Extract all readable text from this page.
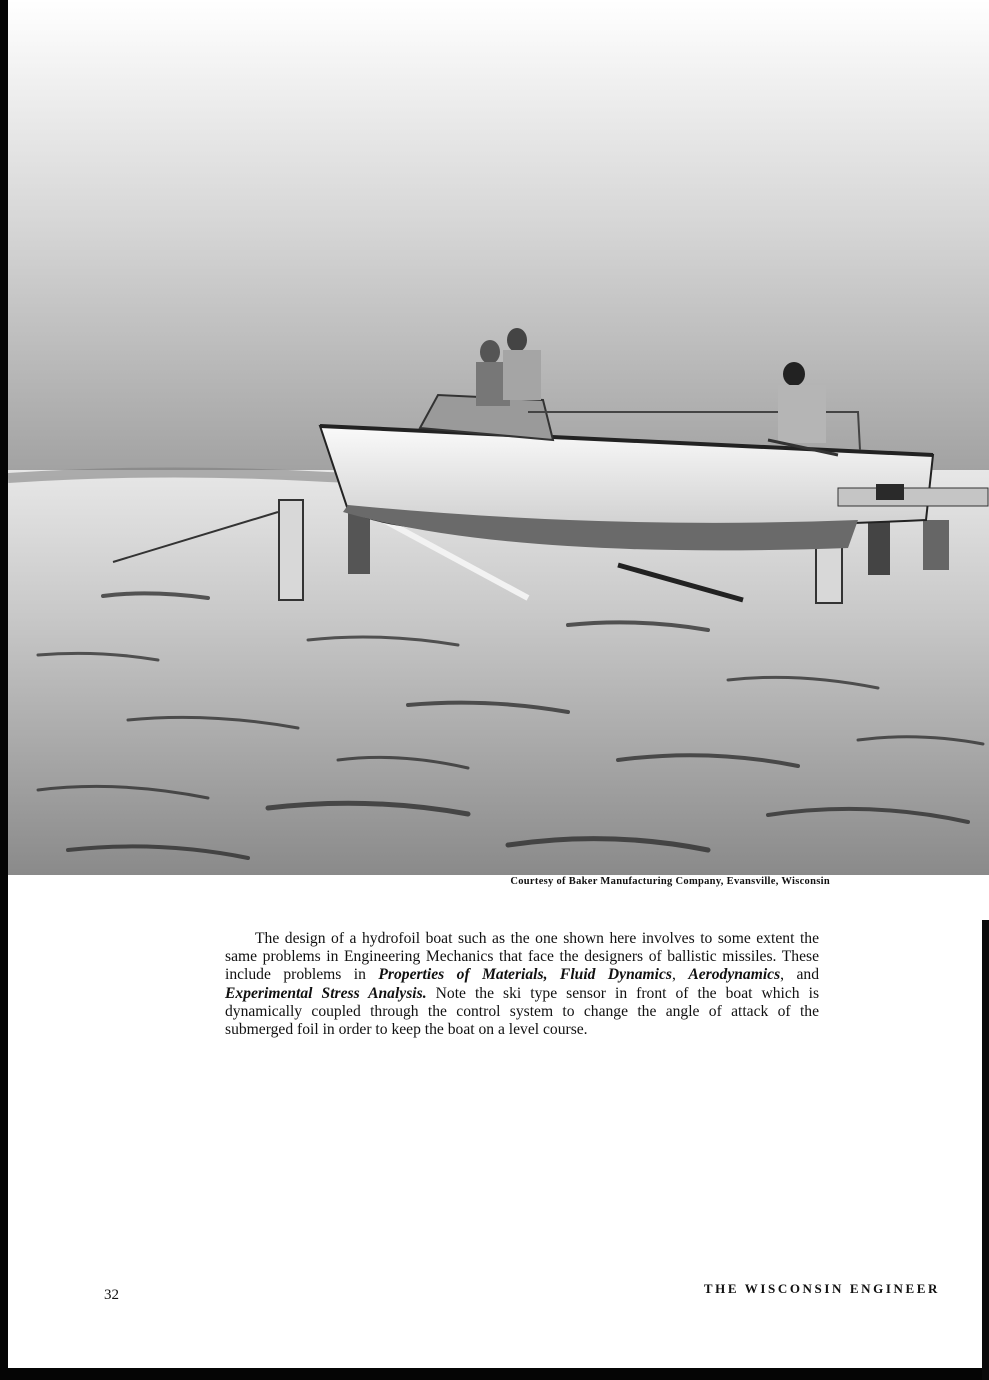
Courtesy of Baker Manufacturing Company, Evansville, Wisconsin
The design of a hydrofoil boat such as the one shown here involves to some extent the same problems in Engineering Mechanics that face the designers of ballistic missiles. These include problems in Properties of Materials, Fluid Dynamics, Aerodynamics, and Experimental Stress Analysis. Note the ski type sensor in front of the boat which is dynamically coupled through the control system to change the angle of attack of the submerged foil in order to keep the boat on a level course.
32	THE WISCONSIN ENGINEER
